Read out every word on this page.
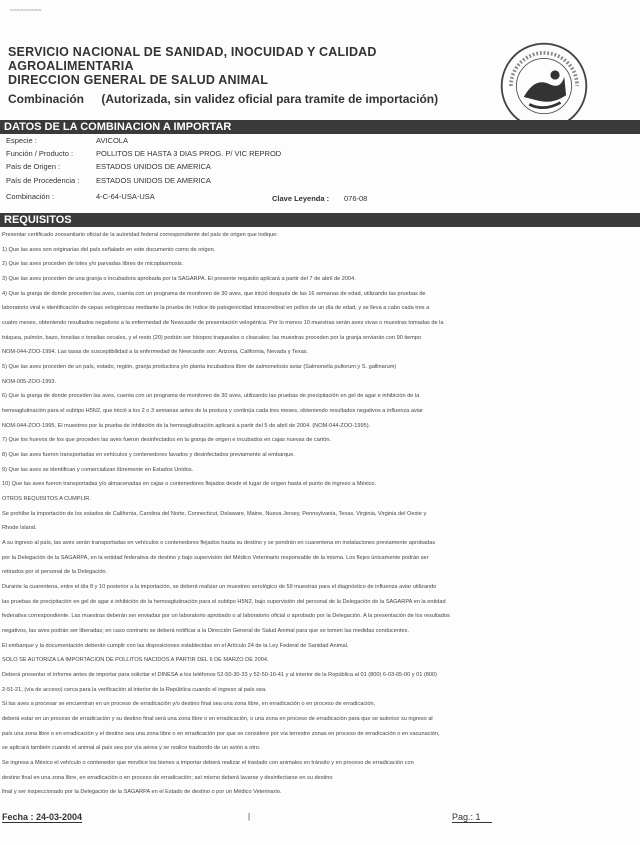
~~~~~~~~~
SERVICIO NACIONAL DE SANIDAD, INOCUIDAD Y CALIDAD AGROALIMENTARIA
DIRECCION GENERAL DE SALUD ANIMAL
Combinación (Autorizada, sin validez oficial para tramite de importación)
DATOS DE LA COMBINACION A IMPORTAR
Especie :	AVICOLA
Función / Producto :	POLLITOS DE HASTA 3 DIAS PROG. P/ VIC REPROD
País de Origen :	ESTADOS UNIDOS DE AMERICA
País de Procedencia :	ESTADOS UNIDOS DE AMERICA
Combinación :	4-C-64-USA-USA	Clave Leyenda : 076-08
REQUISITOS
Presentar certificado zoosanitario oficial de la autoridad federal correspondiente del país de origen que indique:
1) Que las aves son originarias del país señalado en este documento como de origen.
2) Que las aves proceden de lotes y/o parvadas libres de micoplasmosis.
3) Que las aves proceden de una granja o incubadora aprobada por la SAGARPA. El presente requisito aplicará a partir del 7 de abril de 2004.
4) Que la granja de donde proceden las aves, cuenta con un programa de monitoreo de 30 aves, que inició después de las 16 semanas de edad, utilizando las pruebas de
laboratorio viral e identificación de cepas velogénicas mediante la prueba de índice de patogenicidad intracerebral en pollos de un día de edad, y se lleva a cabo cada tres a
cuatro meses, obteniendo resultados negativos a la enfermedad de Newcastle de presentación velogénica. Por lo menos 10 muestras serán aves vivas o muestras tomadas de la
tráquea, pulmón, bazo, tonsilas o tonsilas cecales, y el resto (20) podrán ser hisopos traqueales o cloacales; las muestras proceden por la granja enviarán con 90 tiempo
NOM-044-ZOO-1994. Las tasas de susceptibilidad a la enfermedad de Newcastle son: Arizona, California, Nevada y Texas.
5) Que las aves proceden de un país, estado, región, granja productora y/o planta incubadora libre de salmonelosis aviar (Salmonella pullorum y S. gallinarum)
NOM-005-ZOO-1993.
6) Que la granja de donde proceden las aves, cuenta con un programa de monitoreo de 30 aves, utilizando las pruebas de precipitación en gel de agar e inhibición de la
hemoaglutinación para el subtipo H5N2, que inició a los 2 o 3 semanas antes de la postura y continúa cada tres meses, obteniendo resultados negativos a influenza aviar
NOM-044-ZOO-1995. El muestreo por la prueba de inhibición de la hemoaglutinación aplicará a partir del 5 de abril de 2004. (NOM-044-ZOO-1995).
7) Que los huevos de los que proceden las aves fueron desinfectados en la granja de origen e incubados en cajas nuevas de cartón.
8) Que las aves fueron transportadas en vehículos y contenedores lavados y desinfectados previamente al embarque.
9) Que las aves se identifican y comercializan libremente en Estados Unidos.
10) Que las aves fueron transportadas y/o almacenadas en cajas o contenedores flejados desde el lugar de origen hasta el punto de ingreso a México.
OTROS REQUISITOS A CUMPLIR.
Se prohíbe la importación de los estados de California, Carolina del Norte, Connecticut, Delaware, Maine, Nueva Jersey, Pennsylvania, Texas, Virginia, Virginia del Oeste y
Rhode Island.
A su ingreso al país, las aves serán transportadas en vehículos o contenedores flejados hasta su destino y se pondrán en cuarentena en instalaciones previamente aprobadas
por la Delegación de la SAGARPA, en la entidad federativa de destino y bajo supervisión del Médico Veterinario responsable de la misma. Los flejes únicamente podrán ser
retirados por el personal de la Delegación.
Durante la cuarentena, entre el día 8 y 10 posterior a la importación, se deberá realizar un muestreo serológico de 59 muestras para el diagnóstico de influenza aviar utilizando
las pruebas de precipitación en gel de agar e inhibición de la hemoaglutinación para el subtipo H5N2, bajo supervisión del personal de la Delegación de la SAGARPA en la entidad
federativa correspondiente. Las muestras deberán ser enviadas por un laboratorio aprobado o al laboratorio oficial o aprobado por la Delegación. A la presentación de los resultados
negativos, las aves podrán ser liberadas; en caso contrario se deberá notificar a la Dirección General de Salud Animal para que se tomen las medidas conducentes.
El embarque y la documentación deberán cumplir con las disposiciones establecidas en el Artículo 24 de la Ley Federal de Sanidad Animal.
SOLO SE AUTORIZA LA IMPORTACIÓN DE POLLITOS NACIDOS A PARTIR DEL 6 DE MARZO DE 2004.
Deberá presentar el informe antes de importar para solicitar el DINESA a los teléfonos 52-50-30-33 y 52-50-16-41 y al interior de la República al 01 (800) 6-03-65-00 y 01 (800)
2-51-21, (vía de acceso) cerca para la verificación al interior de la República cuando el ingreso al país sea.
Si las aves a procesar se encuentran en un proceso de erradicación y/o destino final sea una zona libre, en erradicación o en proceso de erradicación,
deberá estar en un proceso de erradicación y su destino final será una zona libre o en erradicación, o una zona en proceso de erradicación para que se autorice su ingreso al
país una zona libre o en erradicación y el destino sea una zona libre o en erradicación por que se considere por vía terrestre zonas en proceso de erradicación o en vacunación,
se aplicará también cuando el animal al país sea por vía aérea y se realice trasbordo de un avión a otro.
Se ingresa a México el vehículo o contenedor que movilice los bienes a importar deberá realizar el traslado con animales en tránsito y en proceso de erradicación con
destino final en una zona libre, en erradicación o en proceso de erradicación; así mismo deberá lavarse y desinfectarse en su destino
final y ser inspeccionado por la Delegación de la SAGARPA en el Estado de destino o por un Médico Veterinario.
Fecha : 24-03-2004	|	Pag.: 1
